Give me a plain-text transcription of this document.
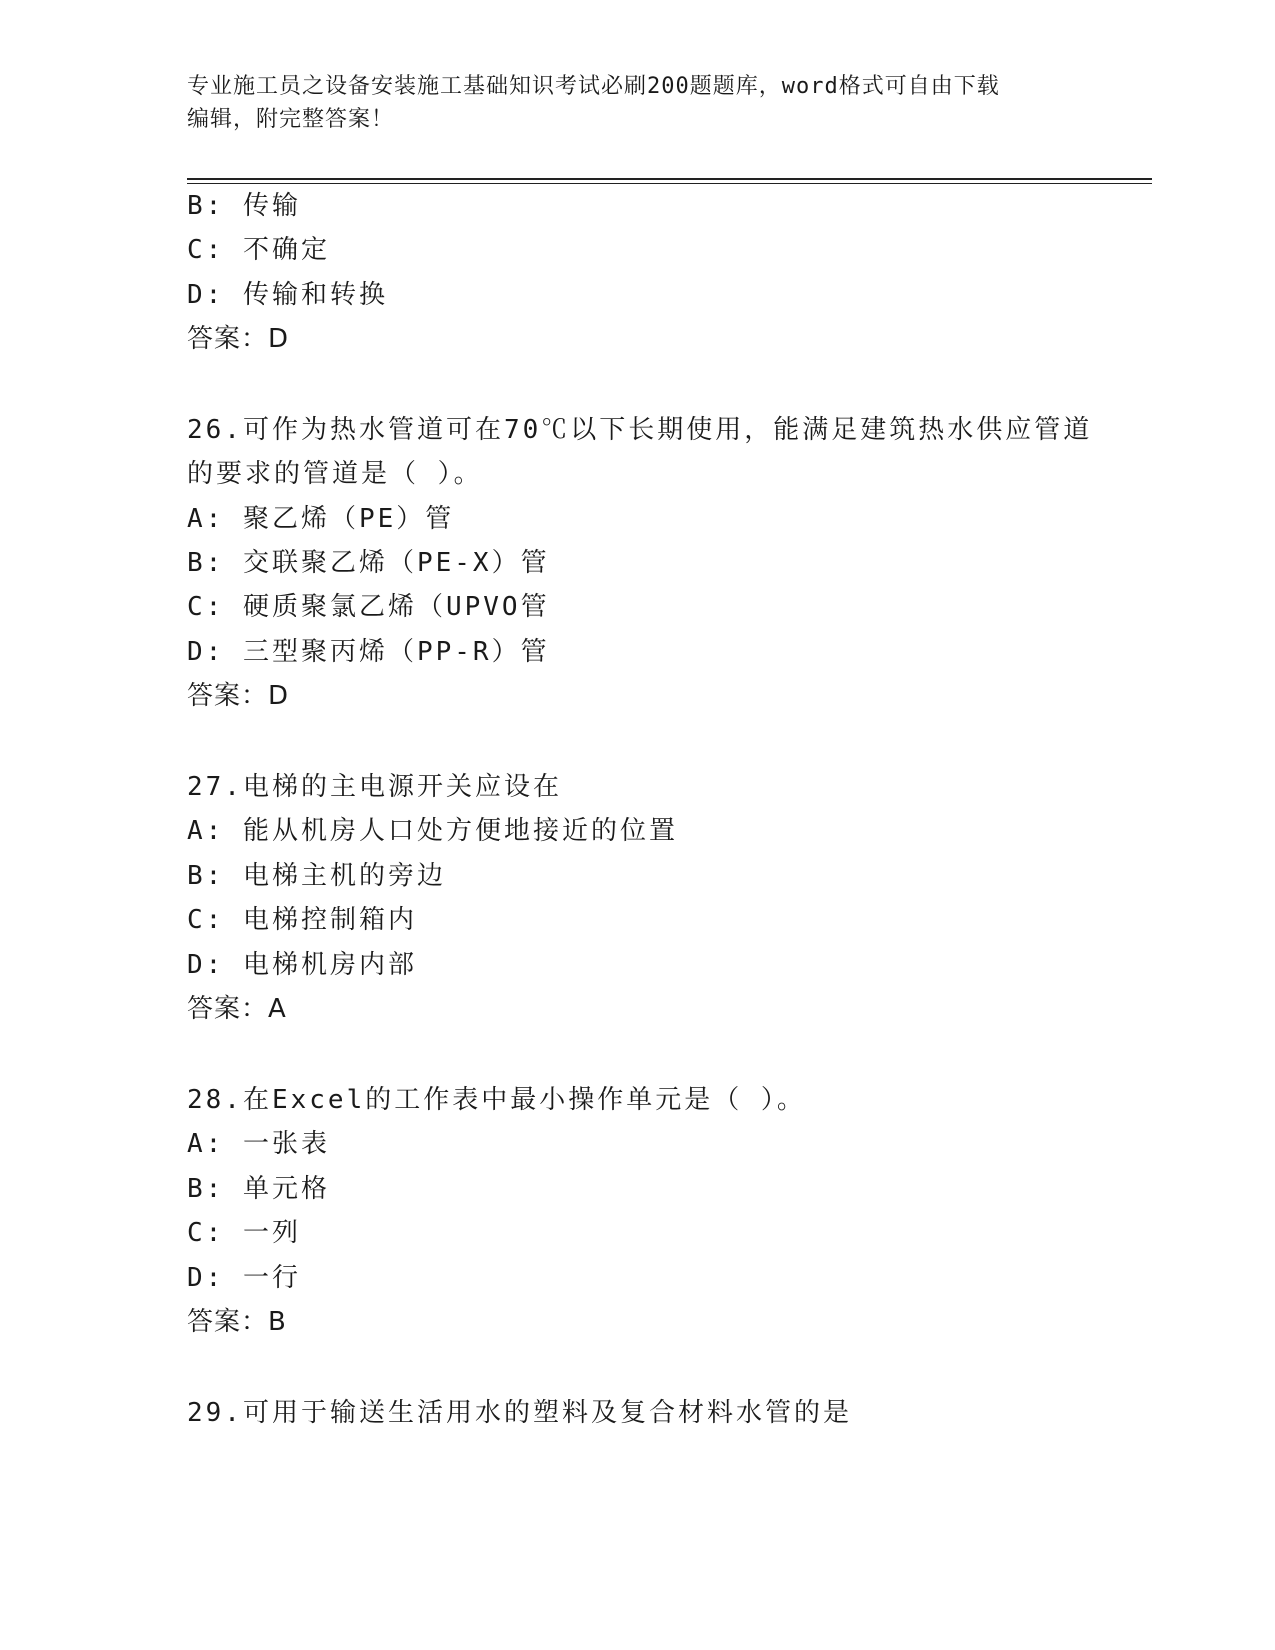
专业施工员之设备安装施工基础知识考试必刷200题题库，word格式可自由下载
编辑，附完整答案！
B: 传输
C: 不确定
D: 传输和转换
答案：D
26.可作为热水管道可在70℃以下长期使用，能满足建筑热水供应管道
的要求的管道是（ ）。
A: 聚乙烯（PE）管
B: 交联聚乙烯（PE-X）管
C: 硬质聚氯乙烯（UPVO管
D: 三型聚丙烯（PP-R）管
答案：D
27.电梯的主电源开关应设在
A: 能从机房人口处方便地接近的位置
B: 电梯主机的旁边
C: 电梯控制箱内
D: 电梯机房内部
答案：A
28.在Excel的工作表中最小操作单元是（ ）。
A: 一张表
B: 单元格
C: 一列
D: 一行
答案：B
29.可用于输送生活用水的塑料及复合材料水管的是
